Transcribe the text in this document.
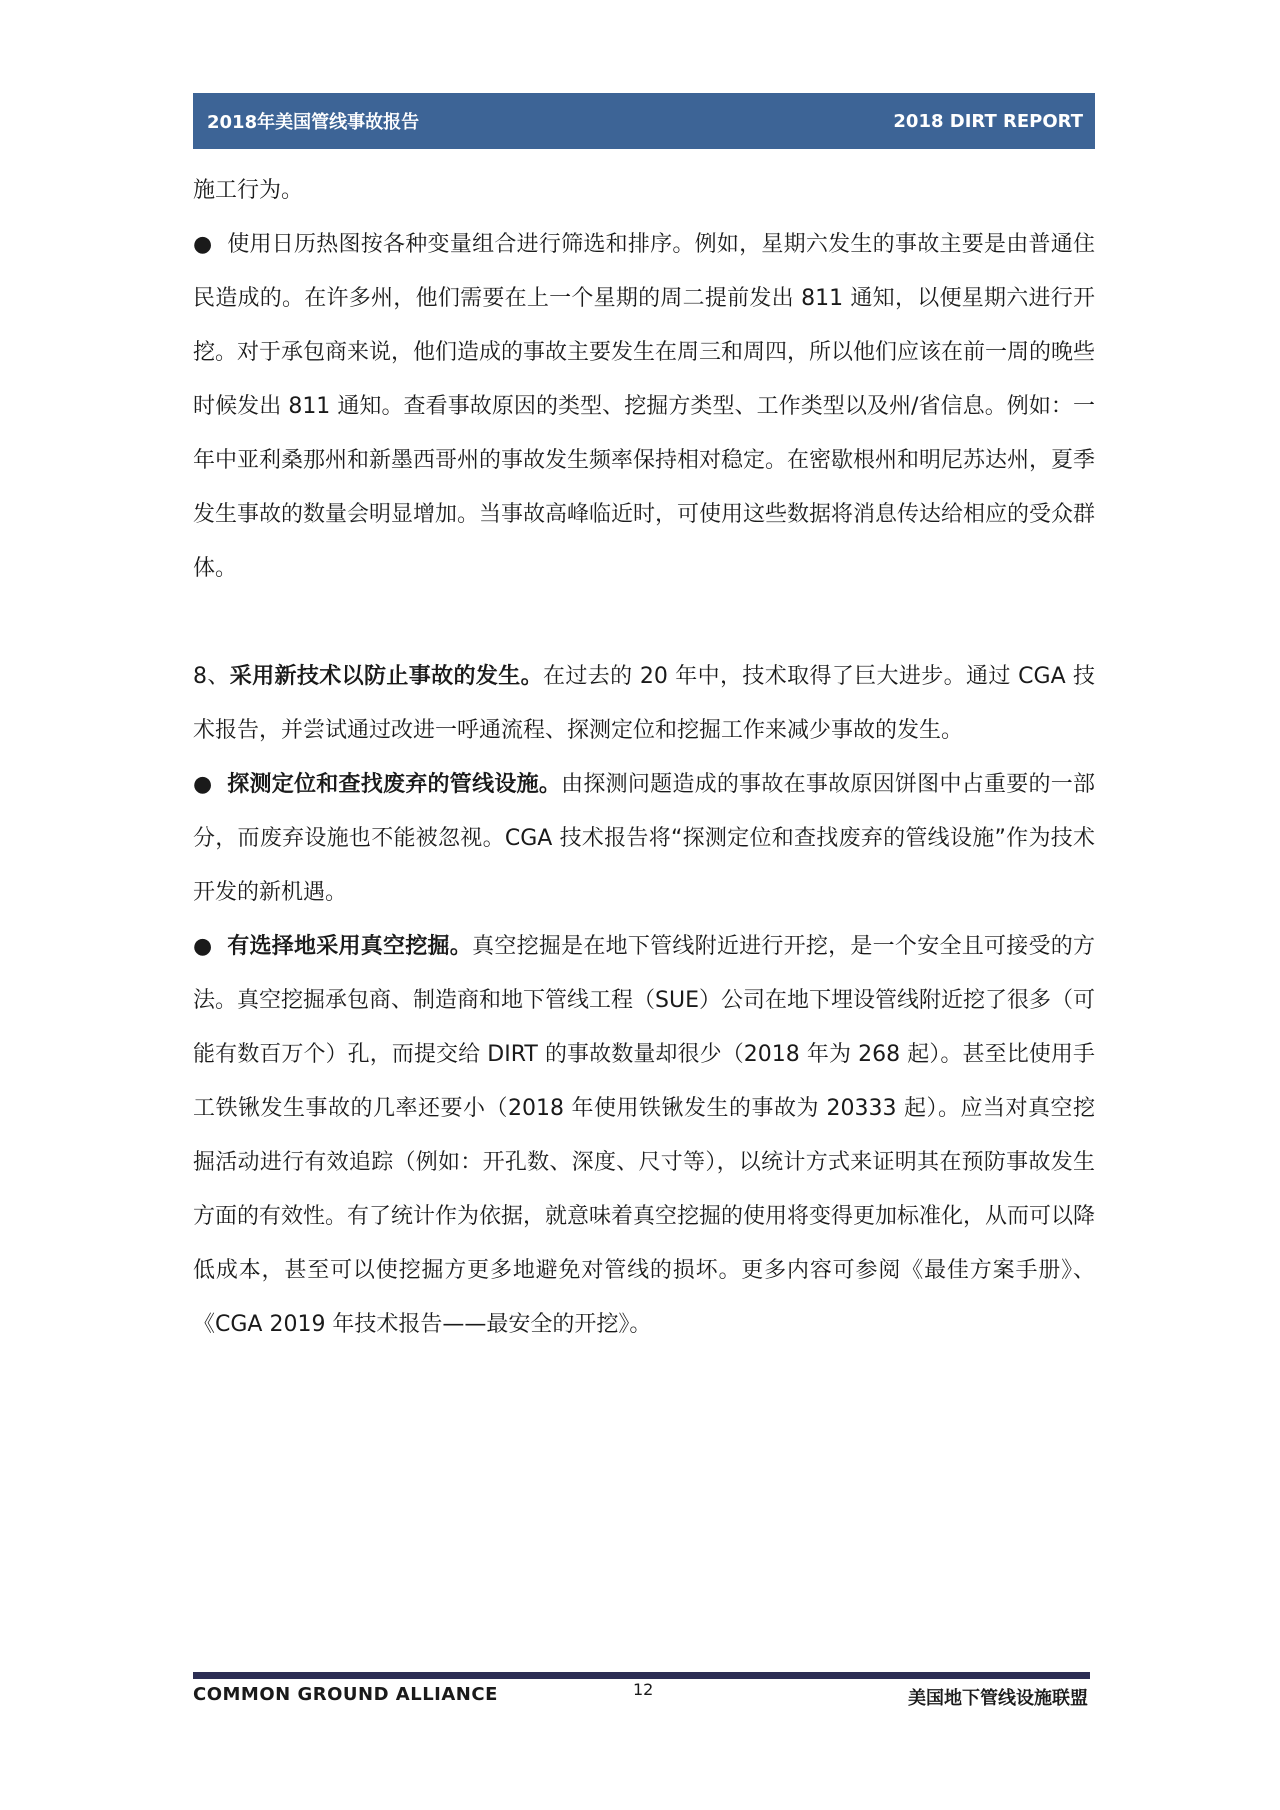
2018年美国管线事故报告	2018 DIRT REPORT

施工行为。

● 使用日历热图按各种变量组合进行筛选和排序。例如，星期六发生的事故主要是由普通住民造成的。在许多州，他们需要在上一个星期的周二提前发出 811 通知，以便星期六进行开挖。对于承包商来说，他们造成的事故主要发生在周三和周四，所以他们应该在前一周的晚些时候发出 811 通知。查看事故原因的类型、挖掘方类型、工作类型以及州/省信息。例如：一年中亚利桑那州和新墨西哥州的事故发生频率保持相对稳定。在密歇根州和明尼苏达州，夏季发生事故的数量会明显增加。当事故高峰临近时，可使用这些数据将消息传达给相应的受众群体。

8、采用新技术以防止事故的发生。在过去的 20 年中，技术取得了巨大进步。通过 CGA 技术报告，并尝试通过改进一呼通流程、探测定位和挖掘工作来减少事故的发生。

● 探测定位和查找废弃的管线设施。由探测问题造成的事故在事故原因饼图中占重要的一部分，而废弃设施也不能被忽视。CGA 技术报告将“探测定位和查找废弃的管线设施”作为技术开发的新机遇。

● 有选择地采用真空挖掘。真空挖掘是在地下管线附近进行开挖，是一个安全且可接受的方法。真空挖掘承包商、制造商和地下管线工程（SUE）公司在地下埋设管线附近挖了很多（可能有数百万个）孔，而提交给 DIRT 的事故数量却很少（2018 年为 268 起）。甚至比使用手工铁锹发生事故的几率还要小（2018 年使用铁锹发生的事故为 20333 起）。应当对真空挖掘活动进行有效追踪（例如：开孔数、深度、尺寸等），以统计方式来证明其在预防事故发生方面的有效性。有了统计作为依据，就意味着真空挖掘的使用将变得更加标准化，从而可以降低成本，甚至可以使挖掘方更多地避免对管线的损坏。更多内容可参阅《最佳方案手册》、《CGA 2019 年技术报告——最安全的开挖》。

COMMON GROUND ALLIANCE	12	美国地下管线设施联盟
